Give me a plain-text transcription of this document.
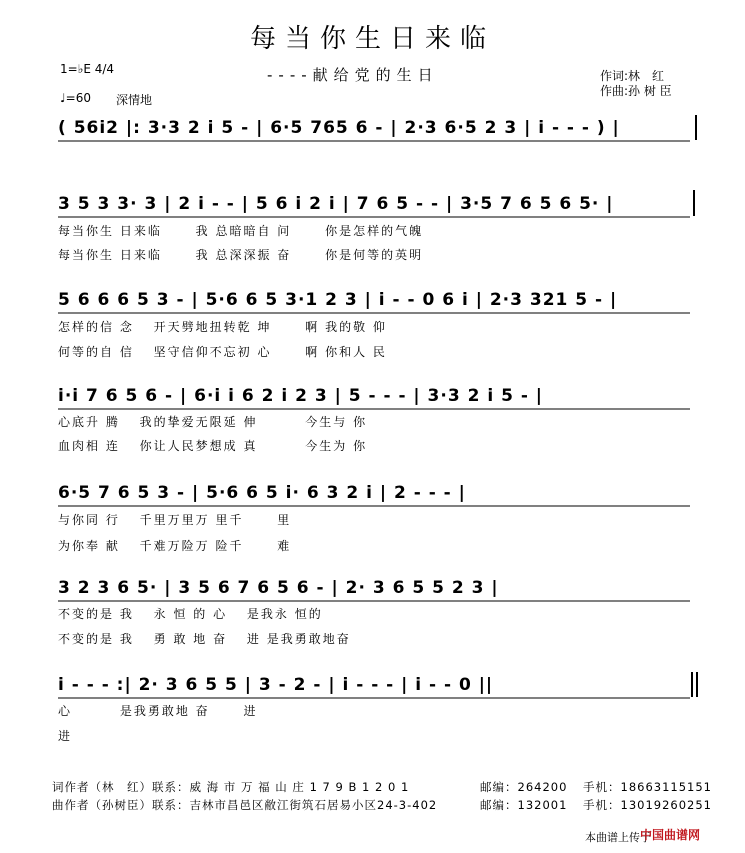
每当你生日来临
----献给党的生日
1=♭E 4/4
♩=60 深情地
作词:林　红
作曲:孙 树 臣
( 56i2 |: 3·3 2 i 5 - | 6·5 765 6 - | 2·3 6·5 2 3 | i - - - ) |
3 5 3 3· 3 | 2 i - - | 5 6 i 2 i | 7 6 5 - - | 3·5 7 6 5 6 5· |
每当你生 日来临　　 我 总暗暗自 问　　 你是怎样的气魄
每当你生 日来临　　 我 总深深振 奋　　 你是何等的英明
5 6 6 6 5 3 - | 5·6 6 5 3·1 2 3 | i - - 0 6 i | 2·3 321 5 - |
怎样的信 念　 开天劈地扭转乾 坤　　 啊 我的敬 仰
何等的自 信　 坚守信仰不忘初 心　　 啊 你和人 民
i·i 7 6 5 6 - | 6·i i 6 2 i 2 3 | 5 - - - | 3·3 2 i 5 - |
心底升 腾　 我的挚爱无限延 伸　　　 今生与 你
血肉相 连　 你让人民梦想成 真　　　 今生为 你
6·5 7 6 5 3 - | 5·6 6 5 i· 6 3 2 i | 2 - - - |
与你同 行　 千里万里万 里千　　 里
为你奉 献　 千难万险万 险千　　 难
3 2 3 6 5· | 3 5 6 7 6 5 6 - | 2· 3 6 5 5 2 3 |
不变的是 我　 永 恒 的 心　 是我永 恒的
不变的是 我　 勇 敢 地 奋　 进 是我勇敢地奋
i - - - :| 2· 3 6 5 5 | 3 - 2 - | i - - - | i - - 0 ||
心　　　 是我勇敢地 奋　　 进
进
词作者（林　红）联系：威 海 市 万 福 山 庄 1 7 9 B 1 2 0 1	邮编：264200 手机：18663115151
曲作者（孙树臣）联系：吉林市昌邑区敝江街筑石居易小区24-3-402	邮编：132001 手机：13019260251
本曲谱上传于
中国曲谱网
